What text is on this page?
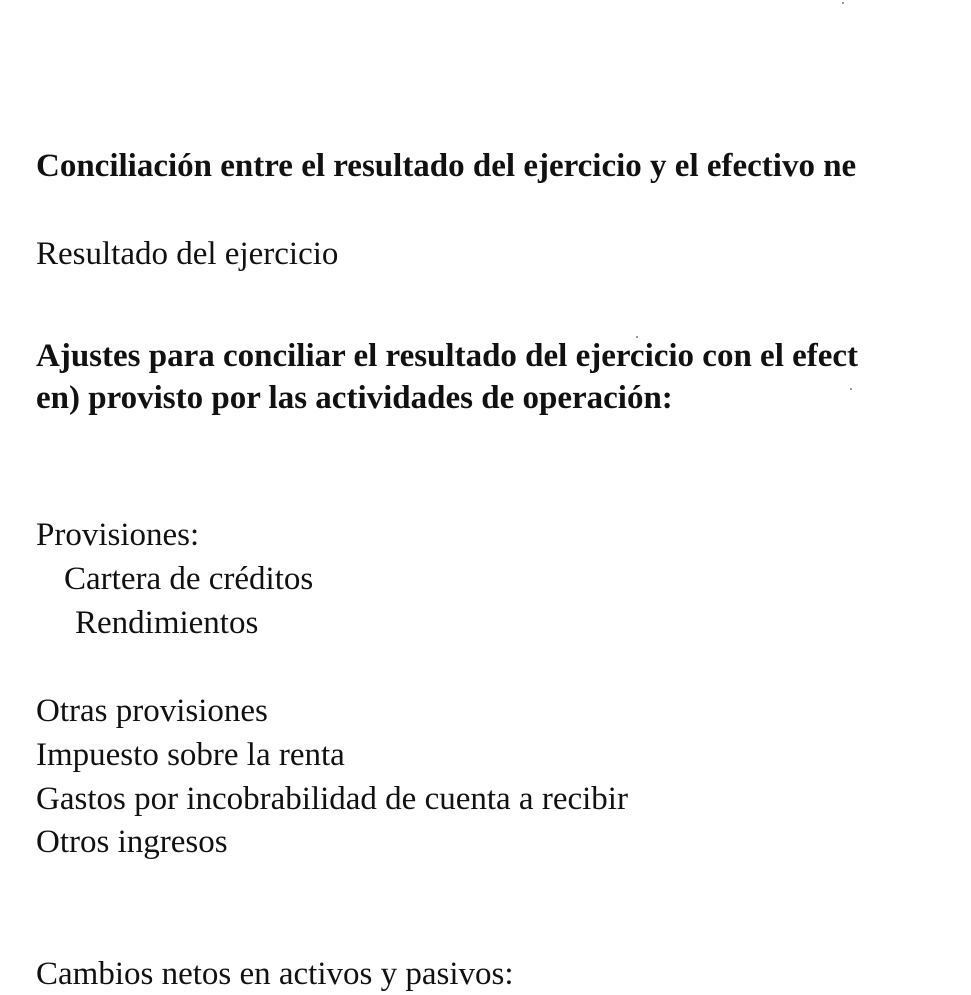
Conciliación entre el resultado del ejercicio y el efectivo ne
Resultado del ejercicio
Ajustes para conciliar el resultado del ejercicio con el efect
en) provisto por las actividades de operación:
Provisiones:
Cartera de créditos
Rendimientos
Otras provisiones
Impuesto sobre la renta
Gastos por incobrabilidad de cuenta a recibir
Otros ingresos
Cambios netos en activos y pasivos:
